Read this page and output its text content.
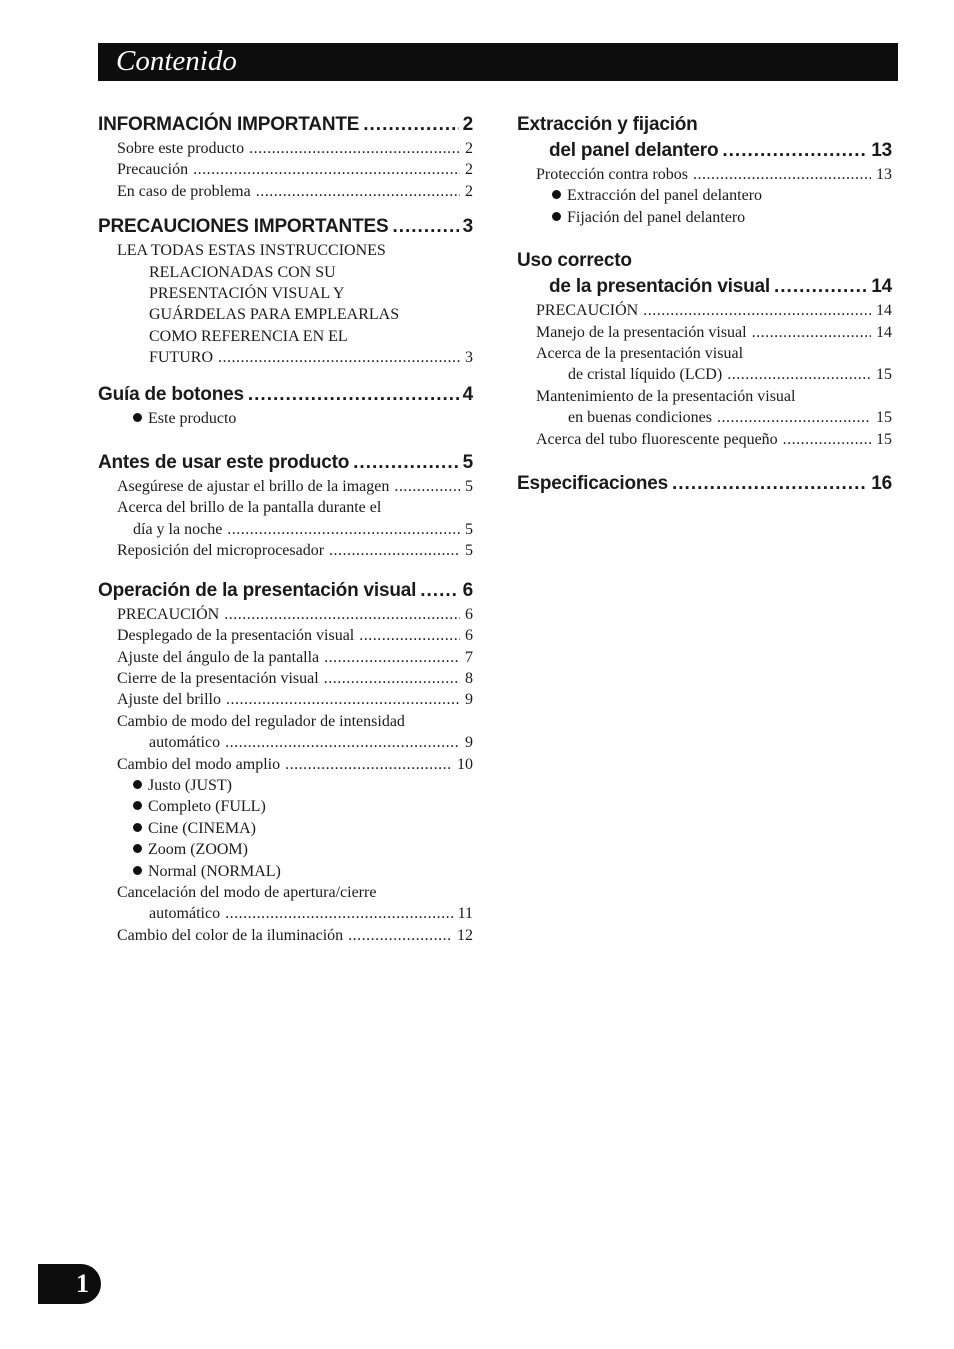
Contenido
INFORMACIÓN IMPORTANTE .....	2
Sobre este producto .....	2
Precaución .....	2
En caso de problema .....	2
PRECAUCIONES IMPORTANTES .....	3
LEA TODAS ESTAS INSTRUCCIONES
RELACIONADAS CON SU
PRESENTACIÓN VISUAL Y
GUÁRDELAS PARA EMPLEARLAS
COMO REFERENCIA EN EL
FUTURO .....	3
Guía de botones .....	4
Este producto
Antes de usar este producto .....	5
Asegúrese de ajustar el brillo de la imagen .....	5
Acerca del brillo de la pantalla durante el
día y la noche .....	5
Reposición del microprocesador .....	5
Operación de la presentación visual ..... 6
PRECAUCIÓN .....	6
Desplegado de la presentación visual .....	6
Ajuste del ángulo de la pantalla .....	7
Cierre de la presentación visual .....	8
Ajuste del brillo .....	9
Cambio de modo del regulador de intensidad
automático .....	9
Cambio del modo amplio .....	10
Justo (JUST)
Completo (FULL)
Cine (CINEMA)
Zoom (ZOOM)
Normal (NORMAL)
Cancelación del modo de apertura/cierre
automático .....	11
Cambio del color de la iluminación .....	12
Extracción y fijación
del panel delantero .....	13
Protección contra robos .....	13
Extracción del panel delantero
Fijación del panel delantero
Uso correcto
de la presentación visual .....	14
PRECAUCIÓN .....	14
Manejo de la presentación visual .....	14
Acerca de la presentación visual
de cristal líquido (LCD) .....	15
Mantenimiento de la presentación visual
en buenas condiciones .....	15
Acerca del tubo fluorescente pequeño .....	15
Especificaciones .....	16
1
